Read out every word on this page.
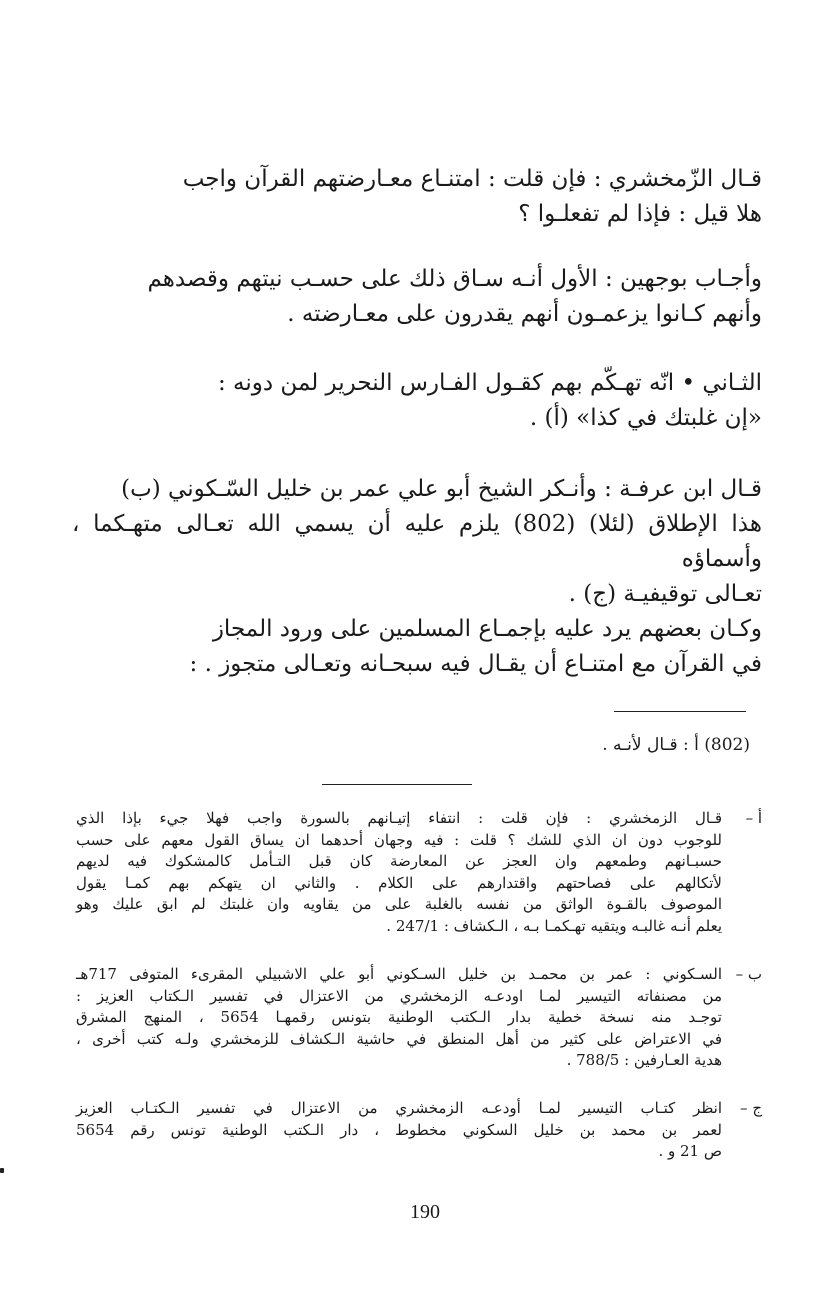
قـال الزّمخشري : فإن قلت : امتنـاع معـارضتهم القرآن واجب

هلا قيل : فإذا لم تفعلـوا ؟

وأجـاب بوجهين : الأول أنـه سـاق ذلك على حسـب نيتهم وقصدهم

وأنهم كـانوا يزعمـون أنهم يقدرون على معـارضته .

الثـاني • انّه تهـكّم بهم كقـول الفـارس النحرير لمن دونه :

«إن غلبتك في كذا» (أ) .

قـال ابن عرفـة : وأنـكر الشيخ أبو علي عمر بن خليل السّـكوني (ب)

هذا الإطلاق (لئلا) (802) يلزم عليه أن يسمي الله تعـالى متهـكما ، وأسماؤه

تعـالى توقيفيـة (ج) .

وكـان بعضهم يرد عليه بإجمـاع المسلمين على ورود المجاز

في القرآن مع امتنـاع أن يقـال فيه سبحـانه وتعـالى متجوز . :

(802) أ : قـال لأنـه .
أ –
قـال الزمخشري : فإن قلت : انتفاء إتيـانهم بالسورة واجب فهلا جيء بإذا الذي
للوجوب دون ان الذي للشك ؟ قلت : فيه وجهان أحدهما ان يساق القول معهم على حسب
حسبـانهم وطمعهم وان العجز عن المعارضة كان قبل التـأمل كالمشكوك فيه لديهم
لأتكالهم على فصاحتهم واقتدارهم على الكلام . والثاني ان يتهكم بهم كمـا يقول
الموصوف بالقـوة الواثق من نفسه بالغلبة على من يقاويه وان غلبتك لم ابق عليك وهو
يعلم أنـه غالبـه ويتقيه تهـكمـا بـه ، الـكشاف : 247/1 .
ب –
السـكوني : عمر بن محمـد بن خليل السـكوني أبو علي الاشبيلي المقرىء المتوفى 717هـ
من مصنفاته التيسير لمـا اودعـه الزمخشري من الاعتزال في تفسير الـكتاب العزيز :
توجـد منه نسخة خطية بدار الـكتب الوطنية بتونس رقمهـا 5654 ، المنهج المشرق
في الاعتراض على كثير من أهل المنطق في حاشية الـكشاف للزمخشري ولـه كتب أخرى ،
هدية العـارفين : 788/5 .
ج –
انظر كتـاب التيسير لمـا أودعـه الزمخشري من الاعتزال في تفسير الـكتـاب العزيز
لعمر بن محمد بن خليل السكوني مخطوط ، دار الـكتب الوطنية تونس رقم 5654
ص 21 و .
190
